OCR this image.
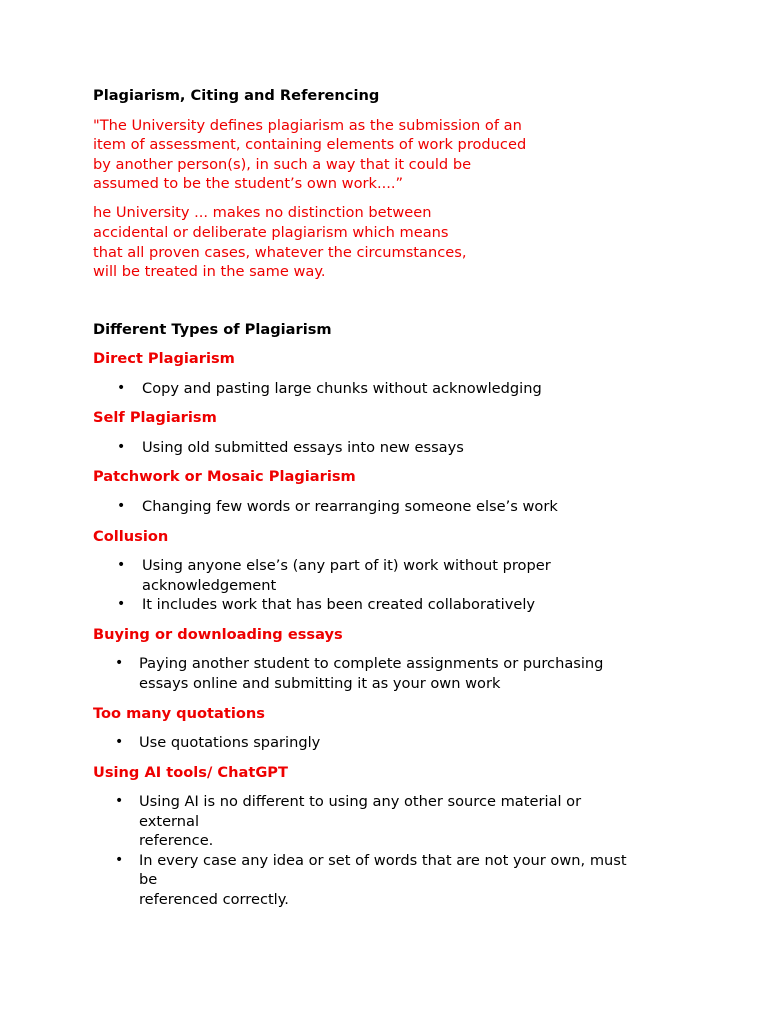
Plagiarism, Citing and Referencing

"The University defines plagiarism as the submission of an
item of assessment, containing elements of work produced
by another person(s), in such a way that it could be
assumed to be the student’s own work....”

he University ... makes no distinction between
accidental or deliberate plagiarism which means
that all proven cases, whatever the circumstances,
will be treated in the same way.

Different Types of Plagiarism

Direct Plagiarism

• Copy and pasting large chunks without acknowledging

Self Plagiarism

• Using old submitted essays into new essays

Patchwork or Mosaic Plagiarism

• Changing few words or rearranging someone else’s work

Collusion

• Using anyone else’s (any part of it) work without proper
acknowledgement
• It includes work that has been created collaboratively

Buying or downloading essays

• Paying another student to complete assignments or purchasing
essays online and submitting it as your own work

Too many quotations

• Use quotations sparingly

Using AI tools/ ChatGPT

• Using AI is no different to using any other source material or
external
reference.
• In every case any idea or set of words that are not your own, must
be
referenced correctly.
